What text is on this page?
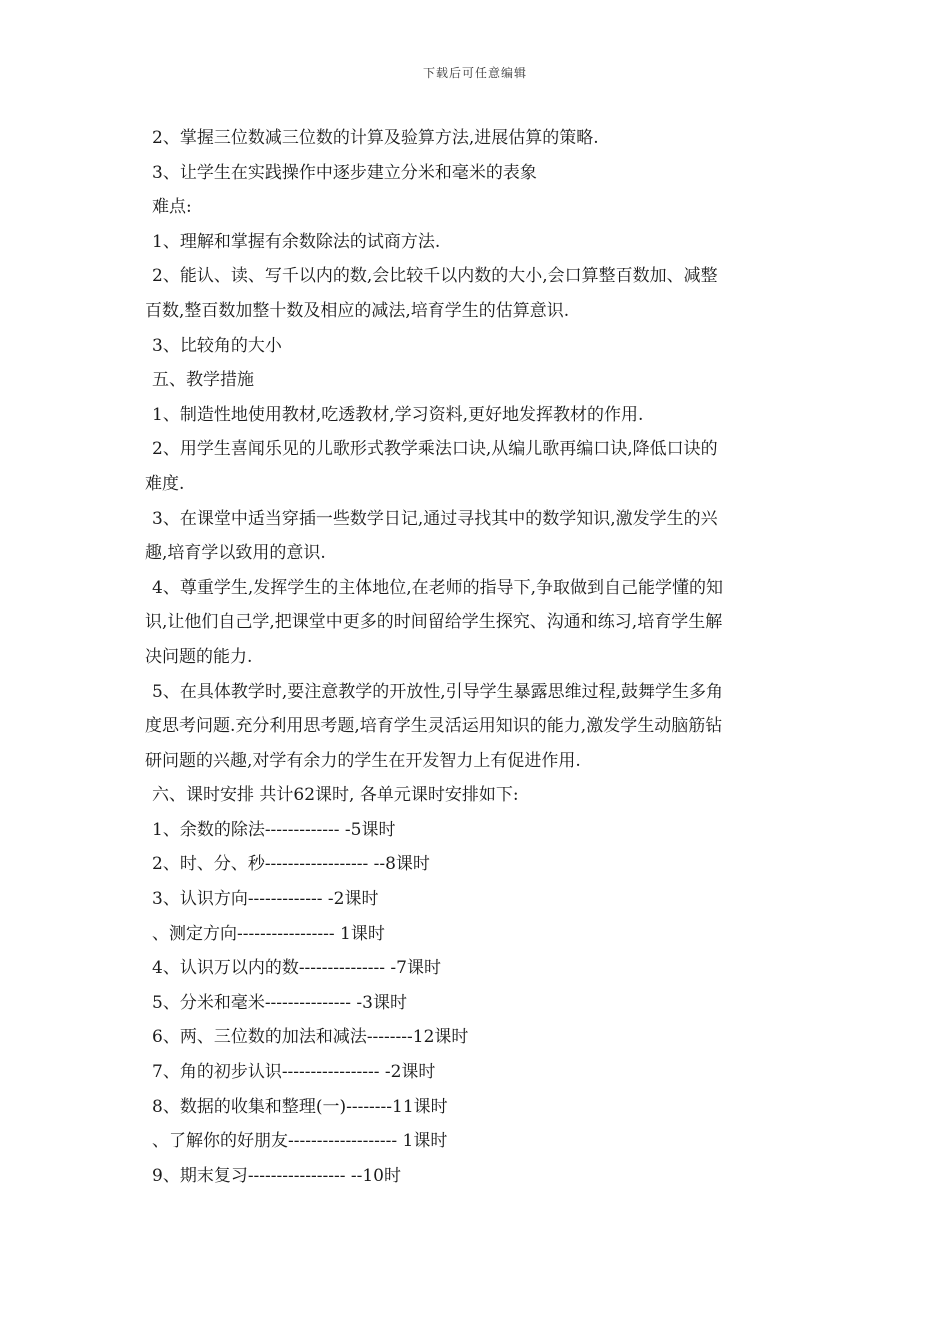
下载后可任意编辑
2、掌握三位数减三位数的计算及验算方法,进展估算的策略.
3、让学生在实践操作中逐步建立分米和毫米的表象
难点:
1、理解和掌握有余数除法的试商方法.
2、能认、读、写千以内的数,会比较千以内数的大小,会口算整百数加、减整
百数,整百数加整十数及相应的减法,培育学生的估算意识.
3、比较角的大小
五、教学措施
1、制造性地使用教材,吃透教材,学习资料,更好地发挥教材的作用.
2、用学生喜闻乐见的儿歌形式教学乘法口诀,从编儿歌再编口诀,降低口诀的
难度.
3、在课堂中适当穿插一些数学日记,通过寻找其中的数学知识,激发学生的兴
趣,培育学以致用的意识.
4、尊重学生,发挥学生的主体地位,在老师的指导下,争取做到自己能学懂的知
识,让他们自己学,把课堂中更多的时间留给学生探究、沟通和练习,培育学生解
决问题的能力.
5、在具体教学时,要注意教学的开放性,引导学生暴露思维过程,鼓舞学生多角
度思考问题.充分利用思考题,培育学生灵活运用知识的能力,激发学生动脑筋钻
研问题的兴趣,对学有余力的学生在开发智力上有促进作用.
六、课时安排 共计62课时, 各单元课时安排如下:
1、余数的除法------------- -5课时
2、时、分、秒------------------ --8课时
3、认识方向------------- -2课时
、测定方向----------------- 1课时
4、认识万以内的数--------------- -7课时
5、分米和毫米--------------- -3课时
6、两、三位数的加法和减法--------12课时
7、角的初步认识----------------- -2课时
8、数据的收集和整理(一)--------11课时
、了解你的好朋友------------------- 1课时
9、期末复习----------------- --10时
